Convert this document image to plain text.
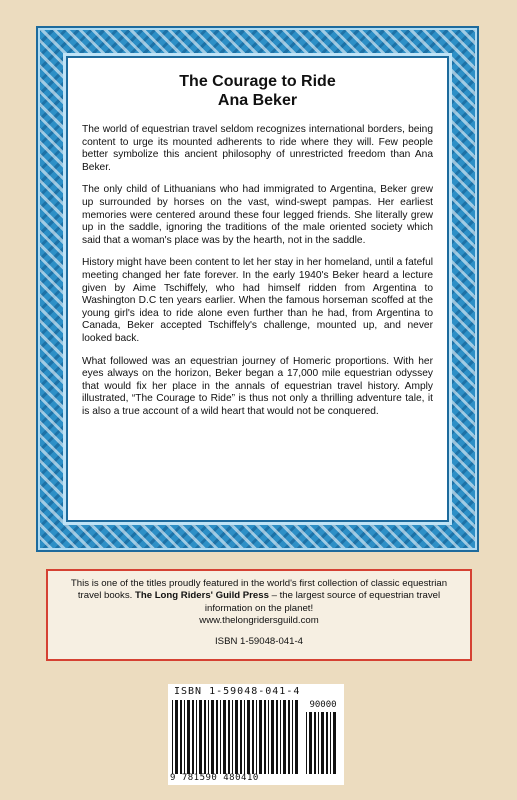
The Courage to Ride
Ana Beker

The world of equestrian travel seldom recognizes international borders, being content to urge its mounted adherents to ride where they will. Few people better symbolize this ancient philosophy of unrestricted freedom than Ana Beker.

The only child of Lithuanians who had immigrated to Argentina, Beker grew up surrounded by horses on the vast, wind-swept pampas. Her earliest memories were centered around these four legged friends. She literally grew up in the saddle, ignoring the traditions of the male oriented society which said that a woman's place was by the hearth, not in the saddle.

History might have been content to let her stay in her homeland, until a fateful meeting changed her fate forever. In the early 1940's Beker heard a lecture given by Aime Tschiffely, who had himself ridden from Argentina to Washington D.C ten years earlier. When the famous horseman scoffed at the young girl's idea to ride alone even further than he had, from Argentina to Canada, Beker accepted Tschiffely's challenge, mounted up, and never looked back.

What followed was an equestrian journey of Homeric proportions. With her eyes always on the horizon, Beker began a 17,000 mile equestrian odyssey that would fix her place in the annals of equestrian travel history. Amply illustrated, “The Courage to Ride” is thus not only a thrilling adventure tale, it is also a true account of a wild heart that would not be conquered.

This is one of the titles proudly featured in the world's first collection of classic equestrian travel books. The Long Riders' Guild Press – the largest source of equestrian travel information on the planet!

www.thelongridersguild.com

ISBN 1-59048-041-4

ISBN 1-59048-041-4
90000
9 781590 480410
